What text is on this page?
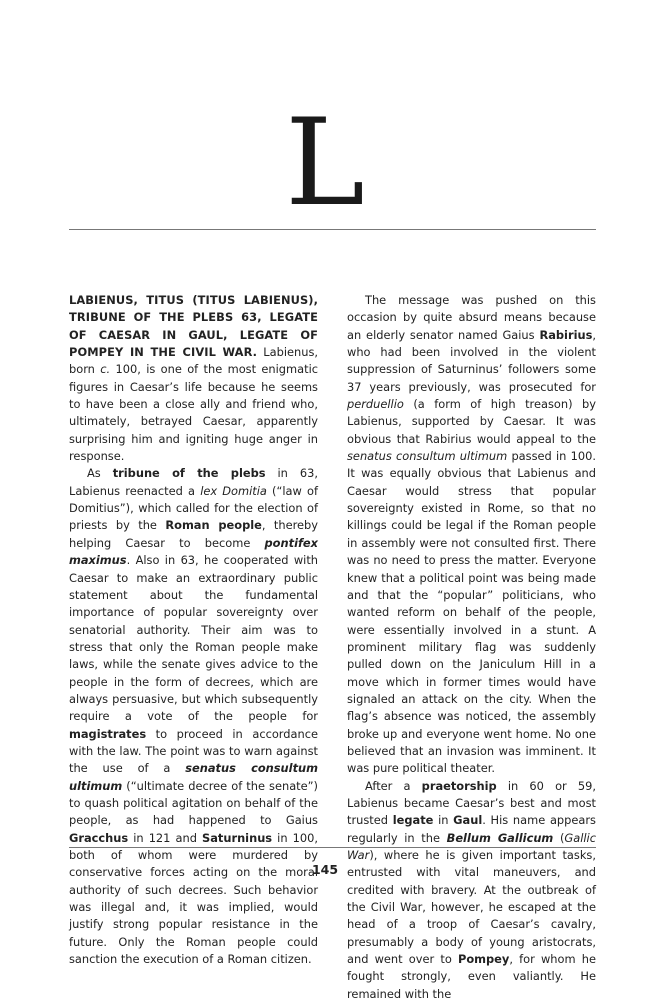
L

LABIENUS, TITUS (TITUS LABIENUS), TRIBUNE OF THE PLEBS 63, LEGATE OF CAESAR IN GAUL, LEGATE OF POMPEY IN THE CIVIL WAR. Labienus, born c. 100, is one of the most enigmatic figures in Caesar’s life because he seems to have been a close ally and friend who, ultimately, betrayed Caesar, apparently surprising him and igniting huge anger in response.

As tribune of the plebs in 63, Labienus reenacted a lex Domitia (“law of Domitius”), which called for the election of priests by the Roman people, thereby helping Caesar to become pontifex maximus. Also in 63, he cooperated with Caesar to make an extraordinary public statement about the fundamental importance of popular sovereignty over senatorial authority. Their aim was to stress that only the Roman people make laws, while the senate gives advice to the people in the form of decrees, which are always persuasive, but which subsequently require a vote of the people for magistrates to proceed in accordance with the law. The point was to warn against the use of a senatus consultum ultimum (“ultimate decree of the senate”) to quash political agitation on behalf of the people, as had happened to Gaius Gracchus in 121 and Saturninus in 100, both of whom were murdered by conservative forces acting on the moral authority of such decrees. Such behavior was illegal and, it was implied, would justify strong popular resistance in the future. Only the Roman people could sanction the execution of a Roman citizen.

The message was pushed on this occasion by quite absurd means because an elderly senator named Gaius Rabirius, who had been involved in the violent suppression of Saturninus’ followers some 37 years previously, was prosecuted for perduellio (a form of high treason) by Labienus, supported by Caesar. It was obvious that Rabirius would appeal to the senatus consultum ultimum passed in 100. It was equally obvious that Labienus and Caesar would stress that popular sovereignty existed in Rome, so that no killings could be legal if the Roman people in assembly were not consulted first. There was no need to press the matter. Everyone knew that a political point was being made and that the “popular” politicians, who wanted reform on behalf of the people, were essentially involved in a stunt. A prominent military flag was suddenly pulled down on the Janiculum Hill in a move which in former times would have signaled an attack on the city. When the flag’s absence was noticed, the assembly broke up and everyone went home. No one believed that an invasion was imminent. It was pure political theater.

After a praetorship in 60 or 59, Labienus became Caesar’s best and most trusted legate in Gaul. His name appears regularly in the Bellum Gallicum (Gallic War), where he is given important tasks, entrusted with vital maneuvers, and credited with bravery. At the outbreak of the Civil War, however, he escaped at the head of a troop of Caesar’s cavalry, presumably a body of young aristocrats, and went over to Pompey, for whom he fought strongly, even valiantly. He remained with the

145
